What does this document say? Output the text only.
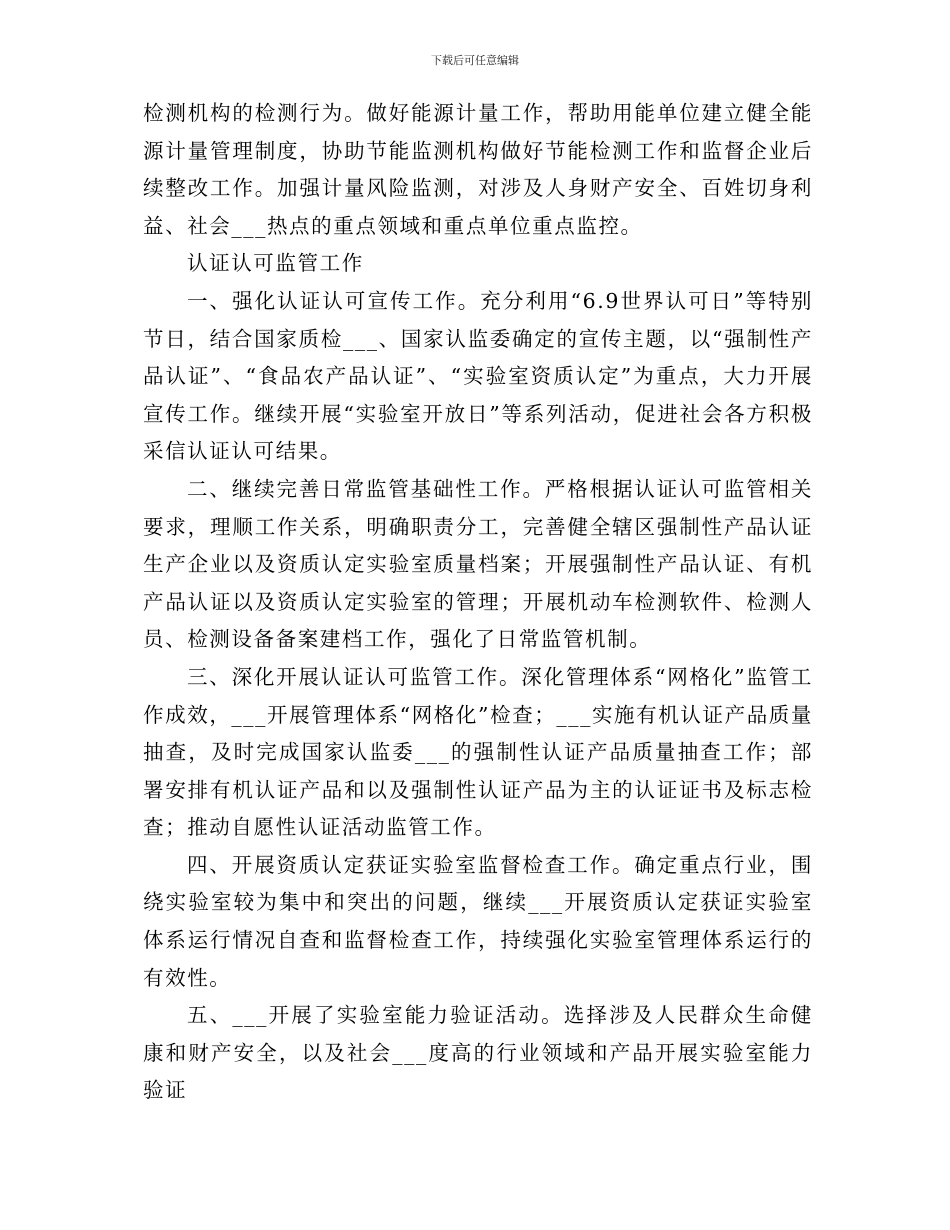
下载后可任意编辑

检测机构的检测行为。做好能源计量工作，帮助用能单位建立健全能源计量管理制度，协助节能监测机构做好节能检测工作和监督企业后续整改工作。加强计量风险监测，对涉及人身财产安全、百姓切身利益、社会___热点的重点领域和重点单位重点监控。

认证认可监管工作

一、强化认证认可宣传工作。充分利用“6.9世界认可日”等特别节日，结合国家质检___、国家认监委确定的宣传主题，以“强制性产品认证”、“食品农产品认证”、“实验室资质认定”为重点，大力开展宣传工作。继续开展“实验室开放日”等系列活动，促进社会各方积极采信认证认可结果。

二、继续完善日常监管基础性工作。严格根据认证认可监管相关要求，理顺工作关系，明确职责分工，完善健全辖区强制性产品认证生产企业以及资质认定实验室质量档案；开展强制性产品认证、有机产品认证以及资质认定实验室的管理；开展机动车检测软件、检测人员、检测设备备案建档工作，强化了日常监管机制。

三、深化开展认证认可监管工作。深化管理体系“网格化”监管工作成效，___开展管理体系“网格化”检查；___实施有机认证产品质量抽查，及时完成国家认监委___的强制性认证产品质量抽查工作；部署安排有机认证产品和以及强制性认证产品为主的认证证书及标志检查；推动自愿性认证活动监管工作。

四、开展资质认定获证实验室监督检查工作。确定重点行业，围绕实验室较为集中和突出的问题，继续___开展资质认定获证实验室体系运行情况自查和监督检查工作，持续强化实验室管理体系运行的有效性。

五、___开展了实验室能力验证活动。选择涉及人民群众生命健康和财产安全，以及社会___度高的行业领域和产品开展实验室能力验证
